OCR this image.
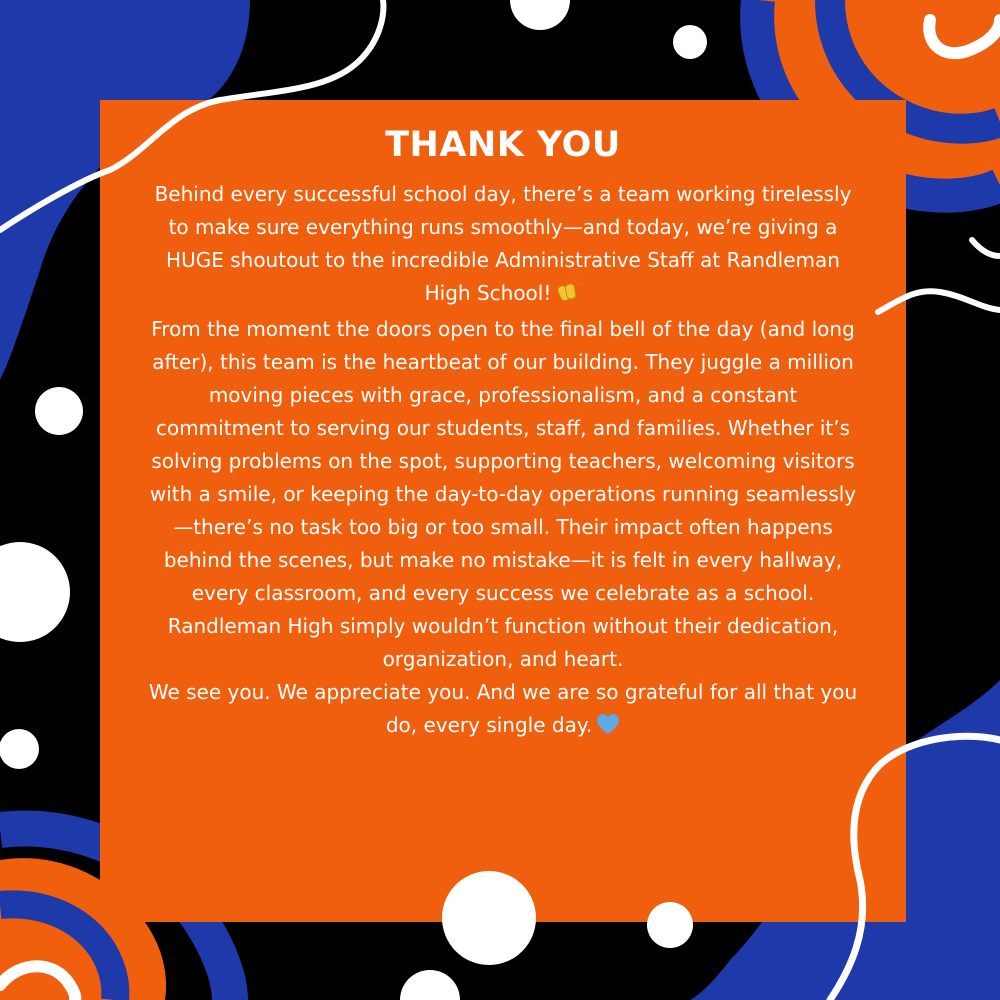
THANK YOU

Behind every successful school day, there’s a team working tirelessly to make sure everything runs smoothly—and today, we’re giving a HUGE shoutout to the incredible Administrative Staff at Randleman High School!

From the moment the doors open to the final bell of the day (and long after), this team is the heartbeat of our building. They juggle a million moving pieces with grace, professionalism, and a constant commitment to serving our students, staff, and families. Whether it’s solving problems on the spot, supporting teachers, welcoming visitors with a smile, or keeping the day-to-day operations running seamlessly—there’s no task too big or too small. Their impact often happens behind the scenes, but make no mistake—it is felt in every hallway, every classroom, and every success we celebrate as a school. Randleman High simply wouldn’t function without their dedication, organization, and heart.

We see you. We appreciate you. And we are so grateful for all that you do, every single day.
